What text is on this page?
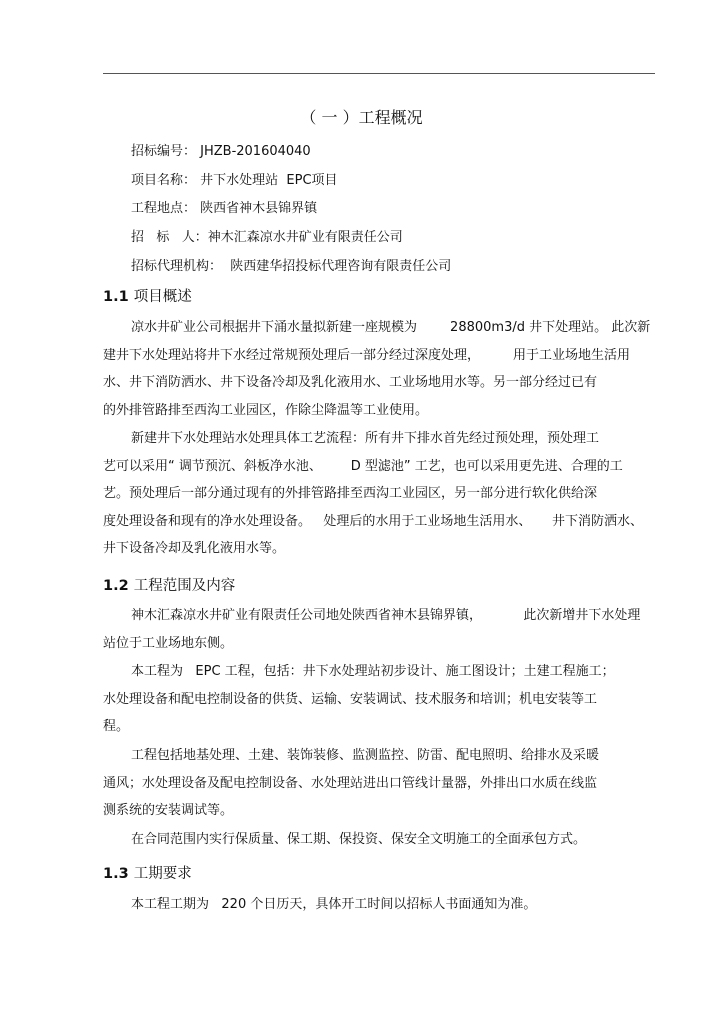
（ 一 ）工程概况
招标编号： JHZB-201604040
项目名称： 井下水处理站  EPC项目
工程地点： 陕西省神木县锦界镇
招   标   人：神木汇森凉水井矿业有限责任公司
招标代理机构：  陕西建华招投标代理咨询有限责任公司
1.1 项目概述
凉水井矿业公司根据井下涌水量拟新建一座规模为        28800m3/d 井下处理站。 此次新
建井下水处理站将井下水经过常规预处理后一部分经过深度处理，        用于工业场地生活用
水、井下消防洒水、井下设备冷却及乳化液用水、工业场地用水等。另一部分经过已有
的外排管路排至西沟工业园区，作除尘降温等工业使用。
新建井下水处理站水处理具体工艺流程：所有井下排水首先经过预处理，预处理工
艺可以采用“ 调节预沉、斜板净水池、       D 型滤池” 工艺，也可以采用更先进、合理的工
艺。预处理后一部分通过现有的外排管路排至西沟工业园区，另一部分进行软化供给深
度处理设备和现有的净水处理设备。   处理后的水用于工业场地生活用水、     井下消防洒水、
井下设备冷却及乳化液用水等。
1.2 工程范围及内容
神木汇森凉水井矿业有限责任公司地处陕西省神木县锦界镇，          此次新增井下水处理
站位于工业场地东侧。
本工程为   EPC 工程，包括：井下水处理站初步设计、施工图设计；土建工程施工；
水处理设备和配电控制设备的供货、运输、安装调试、技术服务和培训；机电安装等工
程。
工程包括地基处理、土建、装饰装修、监测监控、防雷、配电照明、给排水及采暖
通风；水处理设备及配电控制设备、水处理站进出口管线计量器，外排出口水质在线监
测系统的安装调试等。
在合同范围内实行保质量、保工期、保投资、保安全文明施工的全面承包方式。
1.3 工期要求
本工程工期为   220 个日历天，具体开工时间以招标人书面通知为准。
